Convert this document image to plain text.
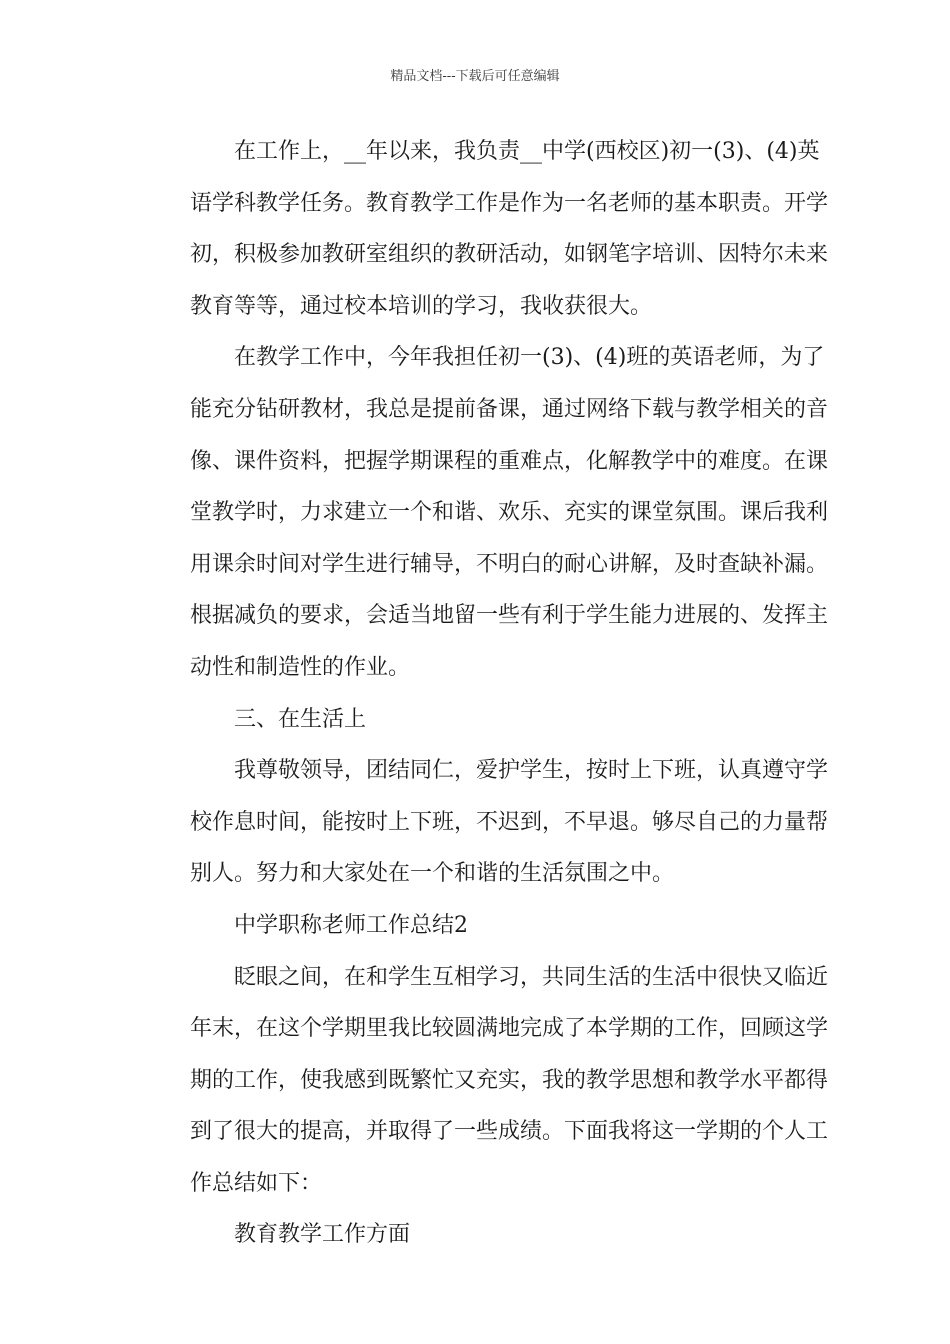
精品文档---下载后可任意编辑

在工作上，__年以来，我负责__中学(西校区)初一(3)、(4)英
语学科教学任务。教育教学工作是作为一名老师的基本职责。开学
初，积极参加教研室组织的教研活动，如钢笔字培训、因特尔未来
教育等等，通过校本培训的学习，我收获很大。

在教学工作中，今年我担任初一(3)、(4)班的英语老师，为了
能充分钻研教材，我总是提前备课，通过网络下载与教学相关的音
像、课件资料，把握学期课程的重难点，化解教学中的难度。在课
堂教学时，力求建立一个和谐、欢乐、充实的课堂氛围。课后我利
用课余时间对学生进行辅导，不明白的耐心讲解，及时查缺补漏。
根据减负的要求，会适当地留一些有利于学生能力进展的、发挥主
动性和制造性的作业。

三、在生活上

我尊敬领导，团结同仁，爱护学生，按时上下班，认真遵守学
校作息时间，能按时上下班，不迟到，不早退。够尽自己的力量帮
别人。努力和大家处在一个和谐的生活氛围之中。

中学职称老师工作总结2

眨眼之间，在和学生互相学习，共同生活的生活中很快又临近
年末，在这个学期里我比较圆满地完成了本学期的工作，回顾这学
期的工作，使我感到既繁忙又充实，我的教学思想和教学水平都得
到了很大的提高，并取得了一些成绩。下面我将这一学期的个人工
作总结如下：

教育教学工作方面
